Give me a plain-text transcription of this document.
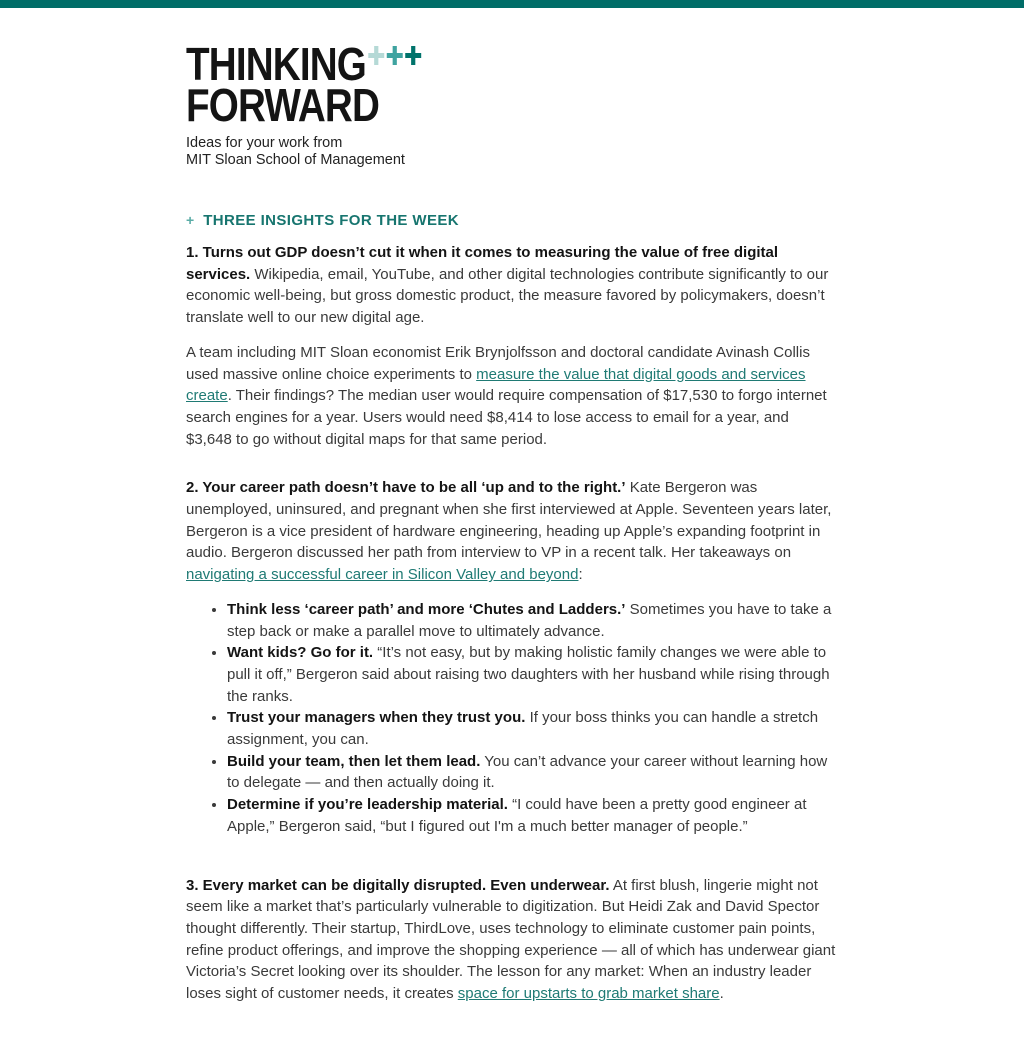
THINKING
FORWARD
Ideas for your work from
MIT Sloan School of Management
+ THREE INSIGHTS FOR THE WEEK

1. Turns out GDP doesn’t cut it when it comes to measuring the value of free digital services. Wikipedia, email, YouTube, and other digital technologies contribute significantly to our economic well-being, but gross domestic product, the measure favored by policymakers, doesn’t translate well to our new digital age.

A team including MIT Sloan economist Erik Brynjolfsson and doctoral candidate Avinash Collis used massive online choice experiments to measure the value that digital goods and services create. Their findings? The median user would require compensation of $17,530 to forgo internet search engines for a year. Users would need $8,414 to lose access to email for a year, and $3,648 to go without digital maps for that same period.

2. Your career path doesn’t have to be all ‘up and to the right.’ Kate Bergeron was unemployed, uninsured, and pregnant when she first interviewed at Apple. Seventeen years later, Bergeron is a vice president of hardware engineering, heading up Apple’s expanding footprint in audio. Bergeron discussed her path from interview to VP in a recent talk. Her takeaways on navigating a successful career in Silicon Valley and beyond:

• Think less ‘career path’ and more ‘Chutes and Ladders.’ Sometimes you have to take a step back or make a parallel move to ultimately advance.
• Want kids? Go for it. “It’s not easy, but by making holistic family changes we were able to pull it off,” Bergeron said about raising two daughters with her husband while rising through the ranks.
• Trust your managers when they trust you. If your boss thinks you can handle a stretch assignment, you can.
• Build your team, then let them lead. You can’t advance your career without learning how to delegate — and then actually doing it.
• Determine if you’re leadership material. “I could have been a pretty good engineer at Apple,” Bergeron said, “but I figured out I'm a much better manager of people.”

3. Every market can be digitally disrupted. Even underwear. At first blush, lingerie might not seem like a market that’s particularly vulnerable to digitization. But Heidi Zak and David Spector thought differently. Their startup, ThirdLove, uses technology to eliminate customer pain points, refine product offerings, and improve the shopping experience — all of which has underwear giant Victoria’s Secret looking over its shoulder. The lesson for any market: When an industry leader loses sight of customer needs, it creates space for upstarts to grab market share.
